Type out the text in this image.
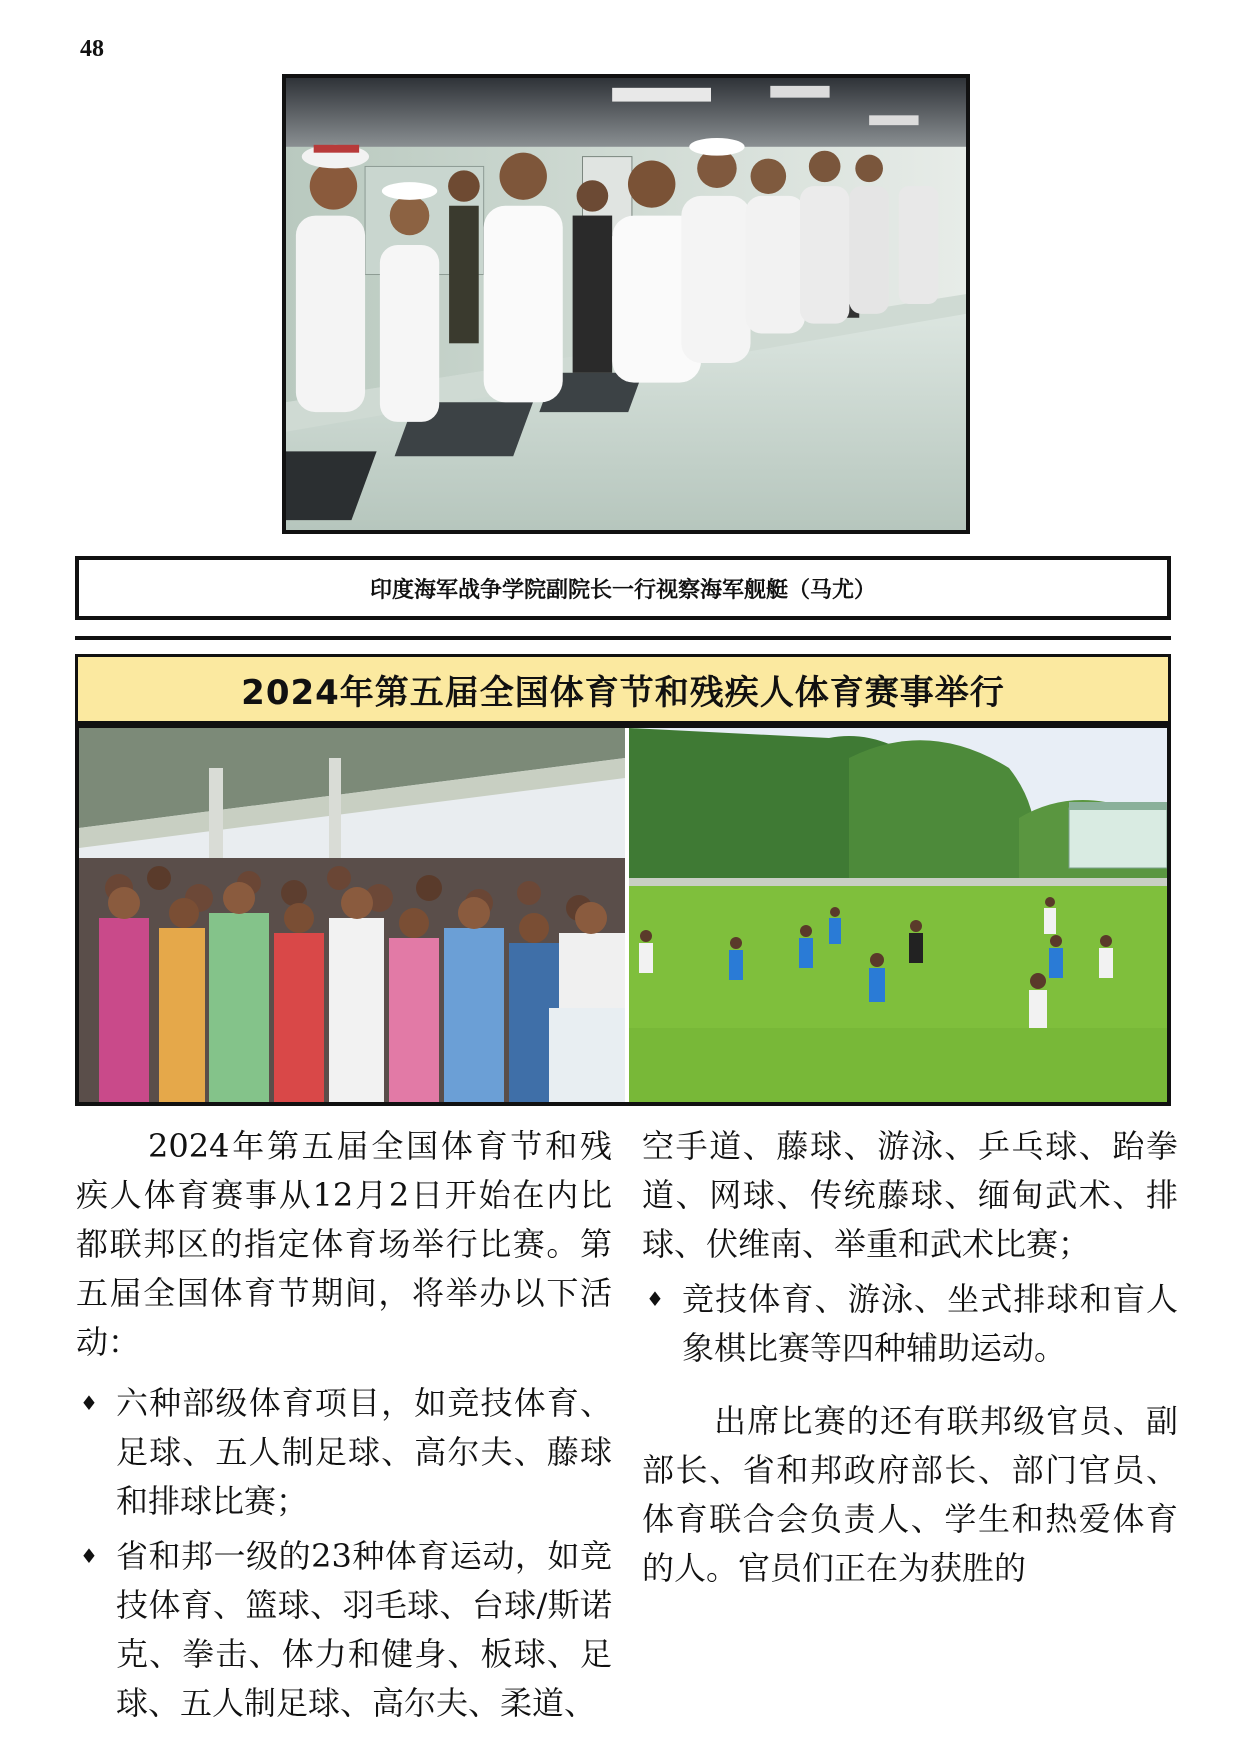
48
印度海军战争学院副院长一行视察海军舰艇（马尤）
2024年第五届全国体育节和残疾人体育赛事举行

2024年第五届全国体育节和残疾人体育赛事从12月2日开始在内比都联邦区的指定体育场举行比赛。第五届全国体育节期间，将举办以下活动：

♦ 六种部级体育项目，如竞技体育、足球、五人制足球、高尔夫、藤球和排球比赛；
♦ 省和邦一级的23种体育运动，如竞技体育、篮球、羽毛球、台球/斯诺克、拳击、体力和健身、板球、足球、五人制足球、高尔夫、柔道、
空手道、藤球、游泳、乒乓球、跆拳道、网球、传统藤球、缅甸武术、排球、伏维南、举重和武术比赛；
♦ 竞技体育、游泳、坐式排球和盲人象棋比赛等四种辅助运动。

出席比赛的还有联邦级官员、副部长、省和邦政府部长、部门官员、体育联合会负责人、学生和热爱体育的人。官员们正在为获胜的
